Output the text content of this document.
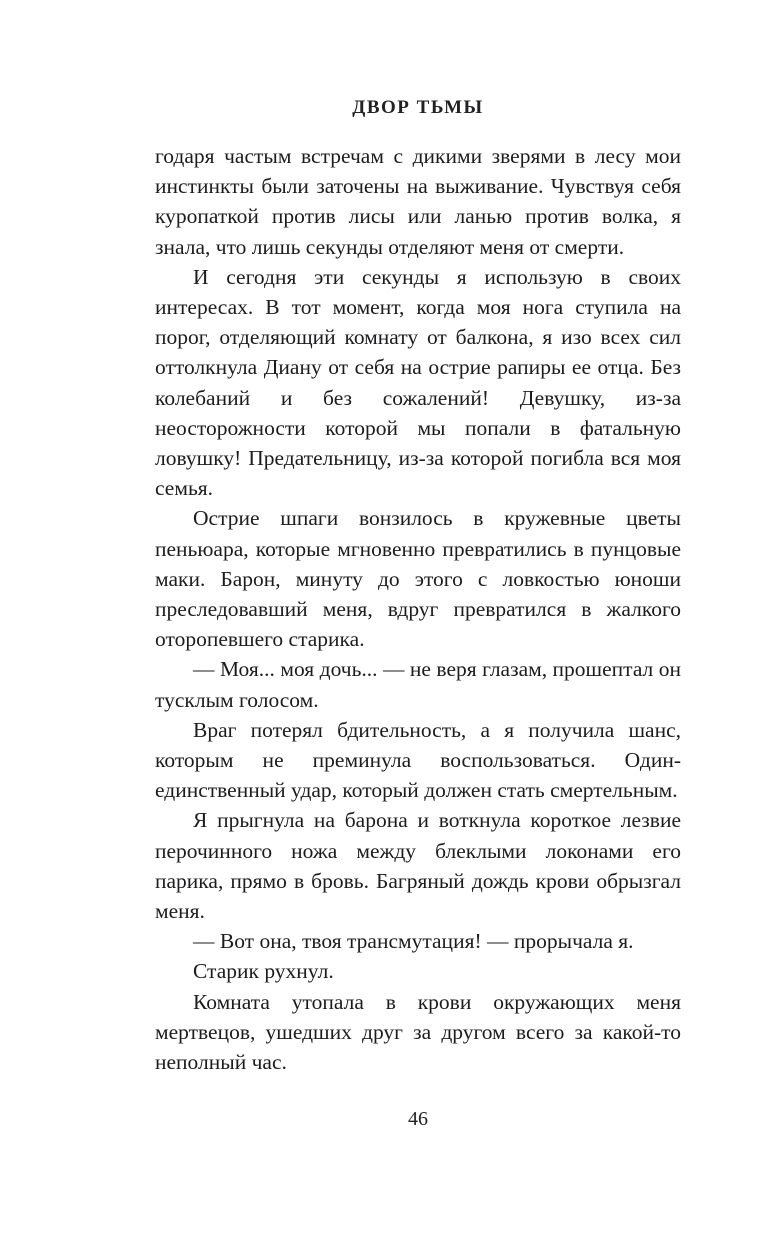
ДВОР ТЬМЫ

годаря частым встречам с дикими зверями в лесу мои инстинкты были заточены на выживание. Чувствуя себя куропаткой против лисы или ланью против волка, я знала, что лишь секунды отделяют меня от смерти.

И сегодня эти секунды я использую в своих интересах. В тот момент, когда моя нога ступила на порог, отделяющий комнату от балкона, я изо всех сил оттолкнула Диану от себя на острие рапиры ее отца. Без колебаний и без сожалений! Девушку, из-за неосторожности которой мы попали в фатальную ловушку! Предательницу, из-за которой погибла вся моя семья.

Острие шпаги вонзилось в кружевные цветы пеньюара, которые мгновенно превратились в пунцовые маки. Барон, минуту до этого с ловкостью юноши преследовавший меня, вдруг превратился в жалкого оторопевшего старика.

— Моя... моя дочь... — не веря глазам, прошептал он тусклым голосом.

Враг потерял бдительность, а я получила шанс, которым не преминула воспользоваться. Один-единственный удар, который должен стать смертельным.

Я прыгнула на барона и воткнула короткое лезвие перочинного ножа между блеклыми локонами его парика, прямо в бровь. Багряный дождь крови обрызгал меня.

— Вот она, твоя трансмутация! — прорычала я.

Старик рухнул.

Комната утопала в крови окружающих меня мертвецов, ушедших друг за другом всего за какой-то неполный час.

46
